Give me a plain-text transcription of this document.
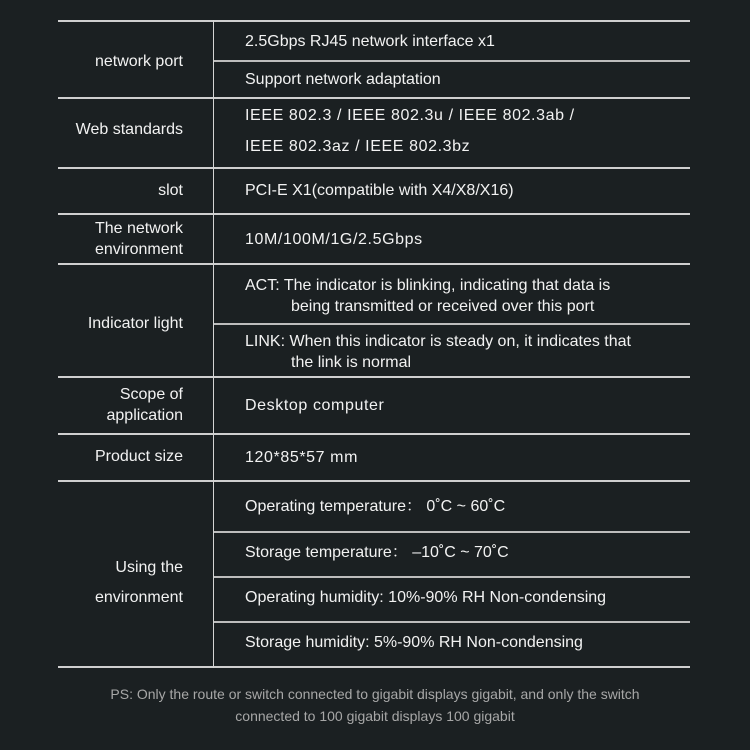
network port
2.5Gbps RJ45 network interface x1
Support network adaptation
Web standards
IEEE 802.3 / IEEE 802.3u / IEEE 802.3ab /
IEEE 802.3az / IEEE 802.3bz
slot	PCI-E X1(compatible with X4/X8/X16)
The network
environment
10M/100M/1G/2.5Gbps
Indicator light
ACT: The indicator is blinking, indicating that data is
being transmitted or received over this port
LINK: When this indicator is steady on, it indicates that
the link is normal
Scope of
application
Desktop computer
Product size	120*85*57 mm
Using the
environment
Operating temperature： 0˚C ~ 60˚C
Storage temperature： –10˚C ~ 70˚C
Operating humidity: 10%-90% RH Non-condensing
Storage humidity: 5%-90% RH Non-condensing
PS: Only the route or switch connected to gigabit displays gigabit, and only the switch
connected to 100 gigabit displays 100 gigabit
